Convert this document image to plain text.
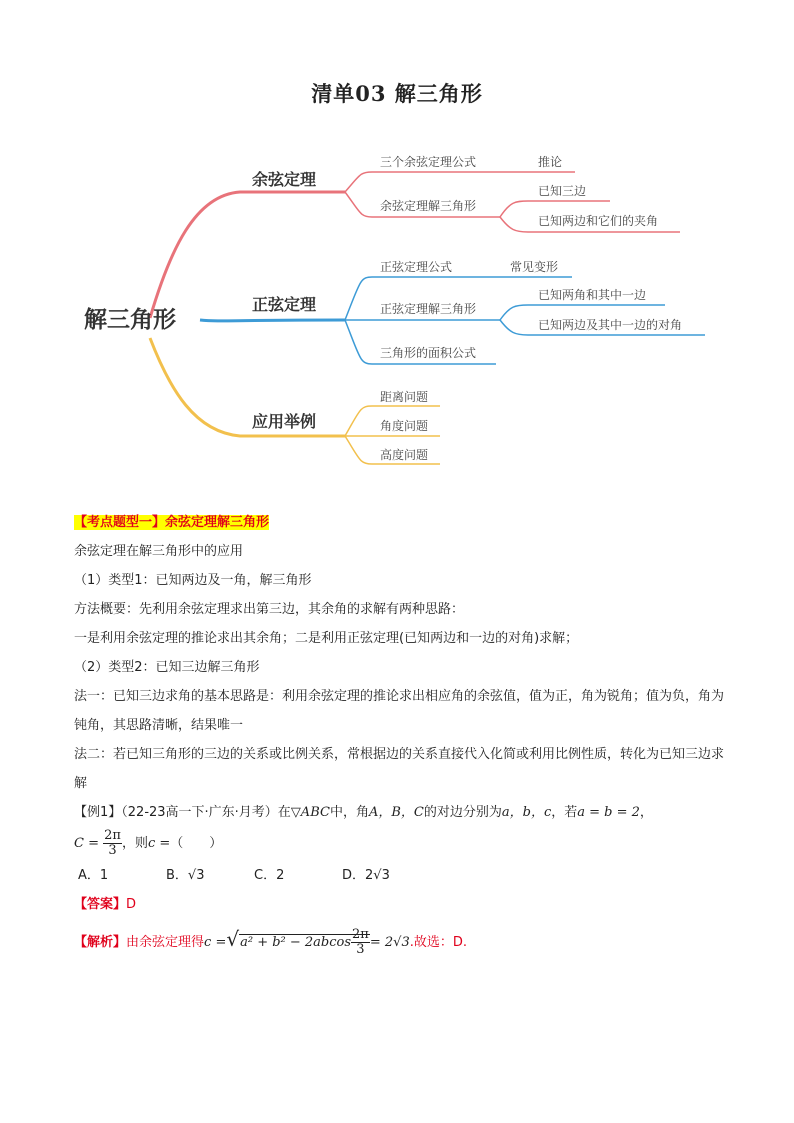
清单03 解三角形
解三角形
余弦定理
正弦定理
应用举例
三个余弦定理公式	推论
余弦定理解三角形
已知三边
已知两边和它们的夹角
正弦定理公式	常见变形
正弦定理解三角形
已知两角和其中一边
已知两边及其中一边的对角
三角形的面积公式
距离问题
角度问题
高度问题

【考点题型一】余弦定理解三角形

余弦定理在解三角形中的应用

（1）类型1：已知两边及一角，解三角形

方法概要：先利用余弦定理求出第三边，其余角的求解有两种思路：

一是利用余弦定理的推论求出其余角；二是利用正弦定理(已知两边和一边的对角)求解；

（2）类型2：已知三边解三角形

法一：已知三边求角的基本思路是：利用余弦定理的推论求出相应角的余弦值，值为正，角为锐角；值为负，角为钝角，其思路清晰，结果唯一

法二：若已知三角形的三边的关系或比例关系，常根据边的关系直接代入化简或利用比例性质，转化为已知三边求解

【例1】（22-23高一下·广东·月考）在▽ABC中，角A，B，C的对边分别为a，b，c，若a = b = 2，

$C = \frac{2\pi}{3}$ ，则c =（　　）

A．1	B．√3	C．2	D．2√3

【答案】D

【解析】由余弦定理得$c =√a^2 + b^2 - 2abcos \frac{2\pi}{3} = 2√3$.故选：D.
